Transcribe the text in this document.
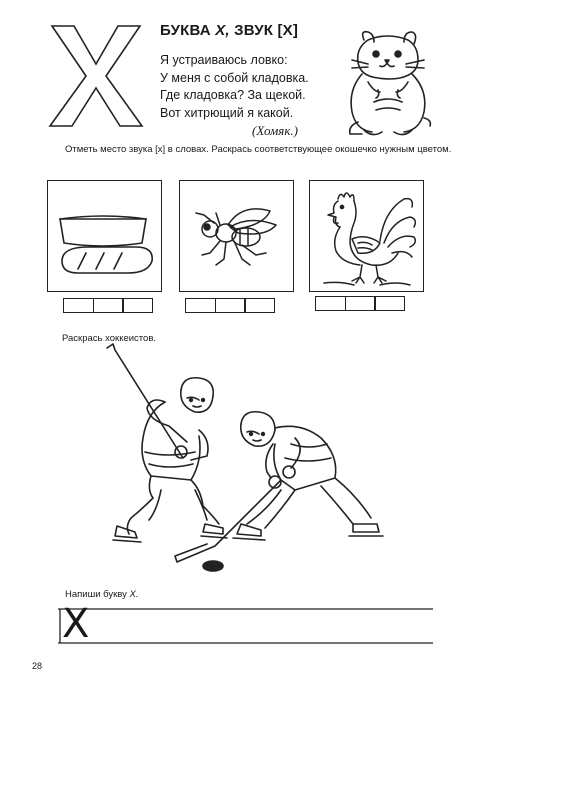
БУКВА Х, ЗВУК [Х]
Я устраиваюсь ловко:
У меня с собой кладовка.
Где кладовка? За щекой.
Вот хитрющий я какой.
(Хомяк.)
Отметь место звука [х] в словах. Раскрась соответствующее окошечко нужным цветом.
Раскрась хоккеистов.
Напиши букву Х.
X
28
